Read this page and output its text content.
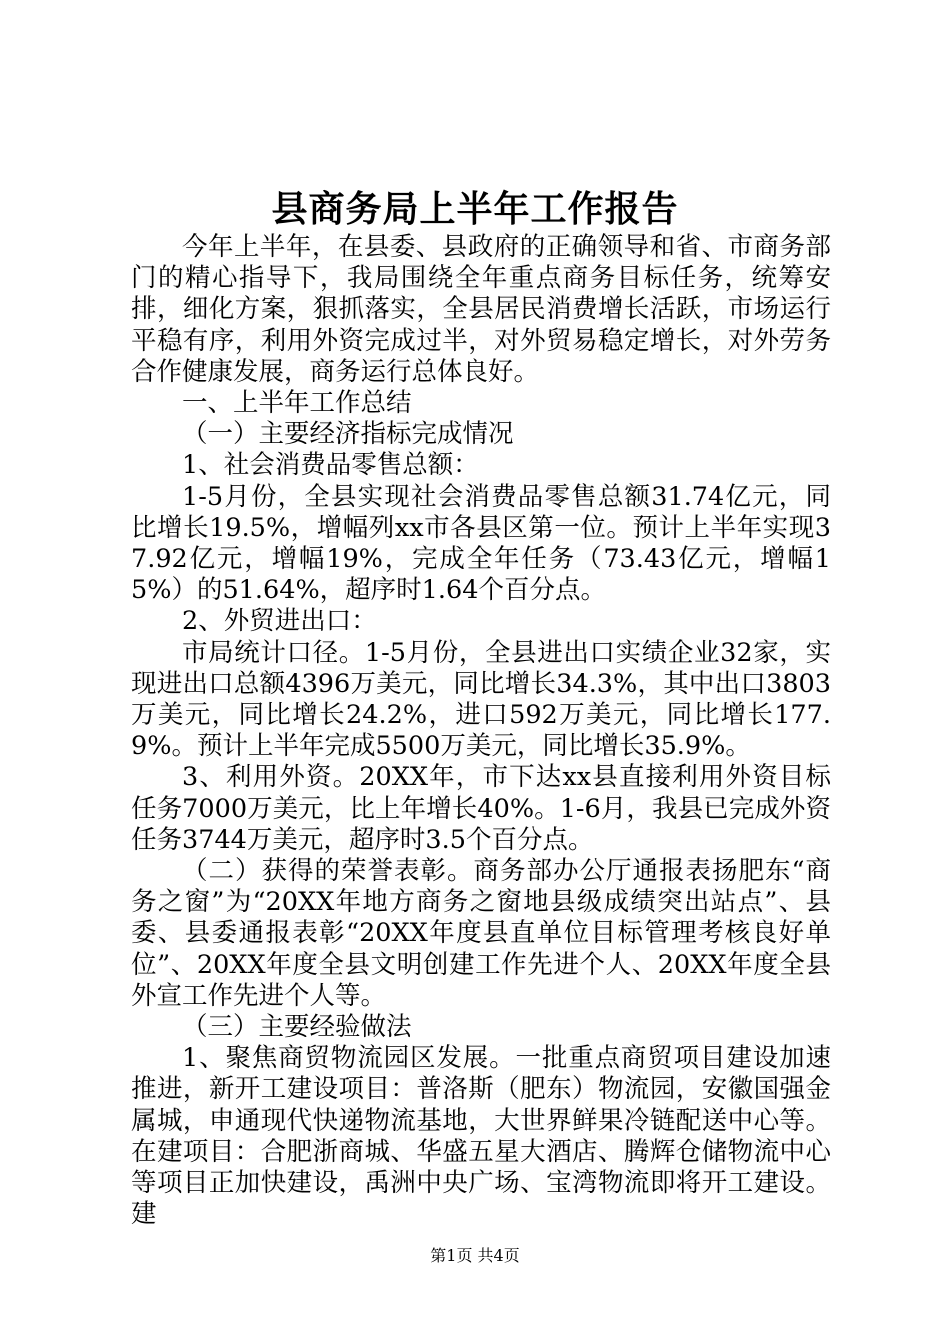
县商务局上半年工作报告

今年上半年，在县委、县政府的正确领导和省、市商务部门的精心指导下，我局围绕全年重点商务目标任务，统筹安排，细化方案，狠抓落实，全县居民消费增长活跃，市场运行平稳有序，利用外资完成过半，对外贸易稳定增长，对外劳务合作健康发展，商务运行总体良好。

一、上半年工作总结

（一）主要经济指标完成情况

1、社会消费品零售总额：

1-5月份，全县实现社会消费品零售总额31.74亿元，同比增长19.5%，增幅列xx市各县区第一位。预计上半年实现37.92亿元，增幅19%，完成全年任务（73.43亿元，增幅15%）的51.64%，超序时1.64个百分点。

2、外贸进出口：

市局统计口径。1-5月份，全县进出口实绩企业32家，实现进出口总额4396万美元，同比增长34.3%，其中出口3803万美元，同比增长24.2%，进口592万美元，同比增长177.9%。预计上半年完成5500万美元，同比增长35.9%。

3、利用外资。20XX年，市下达xx县直接利用外资目标任务7000万美元，比上年增长40%。1-6月，我县已完成外资任务3744万美元，超序时3.5个百分点。

（二）获得的荣誉表彰。商务部办公厅通报表扬肥东“商务之窗”为“20XX年地方商务之窗地县级成绩突出站点”、县委、县委通报表彰“20XX年度县直单位目标管理考核良好单位”、20XX年度全县文明创建工作先进个人、20XX年度全县外宣工作先进个人等。

（三）主要经验做法

1、聚焦商贸物流园区发展。一批重点商贸项目建设加速推进，新开工建设项目：普洛斯（肥东）物流园，安徽国强金属城，申通现代快递物流基地，大世界鲜果冷链配送中心等。在建项目：合肥浙商城、华盛五星大酒店、腾辉仓储物流中心等项目正加快建设，禹洲中央广场、宝湾物流即将开工建设。建

第1页 共4页
